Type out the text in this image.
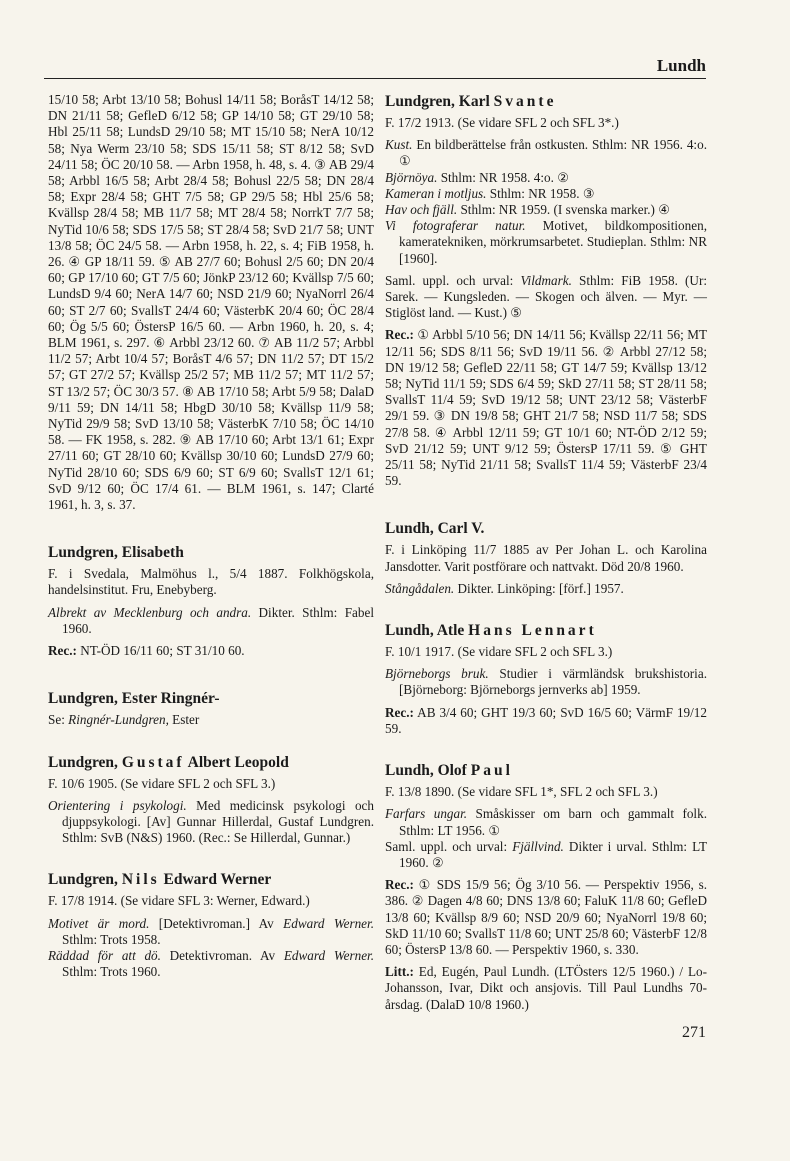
Lundh

15/10 58; Arbt 13/10 58; Bohusl 14/11 58; BoråsT 14/12 58; DN 21/11 58; GefleD 6/12 58; GP 14/10 58; GT 29/10 58; Hbl 25/11 58; LundsD 29/10 58; MT 15/10 58; NerA 10/12 58; Nya Werm 23/10 58; SDS 15/11 58; ST 8/12 58; SvD 24/11 58; ÖC 20/10 58. — Arbn 1958, h. 48, s. 4. ③ AB 29/4 58; Arbbl 16/5 58; Arbt 28/4 58; Bohusl 22/5 58; DN 28/4 58; Expr 28/4 58; GHT 7/5 58; GP 29/5 58; Hbl 25/6 58; Kvällsp 28/4 58; MB 11/7 58; MT 28/4 58; NorrkT 7/7 58; NyTid 10/6 58; SDS 17/5 58; ST 28/4 58; SvD 21/7 58; UNT 13/8 58; ÖC 24/5 58. — Arbn 1958, h. 22, s. 4; FiB 1958, h. 26. ④ GP 18/11 59. ⑤ AB 27/7 60; Bohusl 2/5 60; DN 20/4 60; GP 17/10 60; GT 7/5 60; JönkP 23/12 60; Kvällsp 7/5 60; LundsD 9/4 60; NerA 14/7 60; NSD 21/9 60; NyaNorrl 26/4 60; ST 2/7 60; SvallsT 24/4 60; VästerbK 20/4 60; ÖC 28/4 60; Ög 5/5 60; ÖstersP 16/5 60. — Arbn 1960, h. 20, s. 4; BLM 1961, s. 297. ⑥ Arbbl 23/12 60. ⑦ AB 11/2 57; Arbbl 11/2 57; Arbt 10/4 57; BoråsT 4/6 57; DN 11/2 57; DT 15/2 57; GT 27/2 57; Kvällsp 25/2 57; MB 11/2 57; MT 11/2 57; ST 13/2 57; ÖC 30/3 57. ⑧ AB 17/10 58; Arbt 5/9 58; DalaD 9/11 59; DN 14/11 58; HbgD 30/10 58; Kvällsp 11/9 58; NyTid 29/9 58; SvD 13/10 58; VästerbK 7/10 58; ÖC 14/10 58. — FK 1958, s. 282. ⑨ AB 17/10 60; Arbt 13/1 61; Expr 27/11 60; GT 28/10 60; Kvällsp 30/10 60; LundsD 27/9 60; NyTid 28/10 60; SDS 6/9 60; ST 6/9 60; SvallsT 12/1 61; SvD 9/12 60; ÖC 17/4 61. — BLM 1961, s. 147; Clarté 1961, h. 3, s. 37.

Lundgren, Elisabeth

F. i Svedala, Malmöhus l., 5/4 1887. Folkhögskola, handelsinstitut. Fru, Enebyberg.

Albrekt av Mecklenburg och andra. Dikter. Sthlm: Fabel 1960.

Rec.: NT-ÖD 16/11 60; ST 31/10 60.

Lundgren, Ester Ringnér-

Se: Ringnér-Lundgren, Ester

Lundgren, Gustaf Albert Leopold

F. 10/6 1905. (Se vidare SFL 2 och SFL 3.)

Orientering i psykologi. Med medicinsk psykologi och djuppsykologi. [Av] Gunnar Hillerdal, Gustaf Lundgren. Sthlm: SvB (N&S) 1960. (Rec.: Se Hillerdal, Gunnar.)

Lundgren, Nils Edward Werner

F. 17/8 1914. (Se vidare SFL 3: Werner, Edward.)

Motivet är mord. [Detektivroman.] Av Edward Werner. Sthlm: Trots 1958.

Räddad för att dö. Detektivroman. Av Edward Werner. Sthlm: Trots 1960.

Lundgren, Karl Svante

F. 17/2 1913. (Se vidare SFL 2 och SFL 3*.)

Kust. En bildberättelse från ostkusten. Sthlm: NR 1956. 4:o. ①

Björnöya. Sthlm: NR 1958. 4:o. ②

Kameran i motljus. Sthlm: NR 1958. ③

Hav och fjäll. Sthlm: NR 1959. (I svenska marker.) ④

Vi fotograferar natur. Motivet, bildkompositionen, kameratekniken, mörkrumsarbetet. Studieplan. Sthlm: NR [1960].

Saml. uppl. och urval: Vildmark. Sthlm: FiB 1958. (Ur: Sarek. — Kungsleden. — Skogen och älven. — Myr. — Stiglöst land. — Kust.) ⑤

Rec.: ① Arbbl 5/10 56; DN 14/11 56; Kvällsp 22/11 56; MT 12/11 56; SDS 8/11 56; SvD 19/11 56. ② Arbbl 27/12 58; DN 19/12 58; GefleD 22/11 58; GT 14/7 59; Kvällsp 13/12 58; NyTid 11/1 59; SDS 6/4 59; SkD 27/11 58; ST 28/11 58; SvallsT 11/4 59; SvD 19/12 58; UNT 23/12 58; VästerbF 29/1 59. ③ DN 19/8 58; GHT 21/7 58; NSD 11/7 58; SDS 27/8 58. ④ Arbbl 12/11 59; GT 10/1 60; NT-ÖD 2/12 59; SvD 21/12 59; UNT 9/12 59; ÖstersP 17/11 59. ⑤ GHT 25/11 58; NyTid 21/11 58; SvallsT 11/4 59; VästerbF 23/4 59.

Lundh, Carl V.

F. i Linköping 11/7 1885 av Per Johan L. och Karolina Jansdotter. Varit postförare och nattvakt. Död 20/8 1960.

Stångådalen. Dikter. Linköping: [förf.] 1957.

Lundh, Atle Hans Lennart

F. 10/1 1917. (Se vidare SFL 2 och SFL 3.)

Björneborgs bruk. Studier i värmländsk brukshistoria. [Björneborg: Björneborgs jernverks ab] 1959.

Rec.: AB 3/4 60; GHT 19/3 60; SvD 16/5 60; VärmF 19/12 59.

Lundh, Olof Paul

F. 13/8 1890. (Se vidare SFL 1*, SFL 2 och SFL 3.)

Farfars ungar. Småskisser om barn och gammalt folk. Sthlm: LT 1956. ①

Saml. uppl. och urval: Fjällvind. Dikter i urval. Sthlm: LT 1960. ②

Rec.: ① SDS 15/9 56; Ög 3/10 56. — Perspektiv 1956, s. 386. ② Dagen 4/8 60; DNS 13/8 60; FaluK 11/8 60; GefleD 13/8 60; Kvällsp 8/9 60; NSD 20/9 60; NyaNorrl 19/8 60; SkD 11/10 60; SvallsT 11/8 60; UNT 25/8 60; VästerbF 12/8 60; ÖstersP 13/8 60. — Perspektiv 1960, s. 330.

Litt.: Ed, Eugén, Paul Lundh. (LTÖsters 12/5 1960.) / Lo-Johansson, Ivar, Dikt och ansjovis. Till Paul Lundhs 70-årsdag. (DalaD 10/8 1960.)

271
